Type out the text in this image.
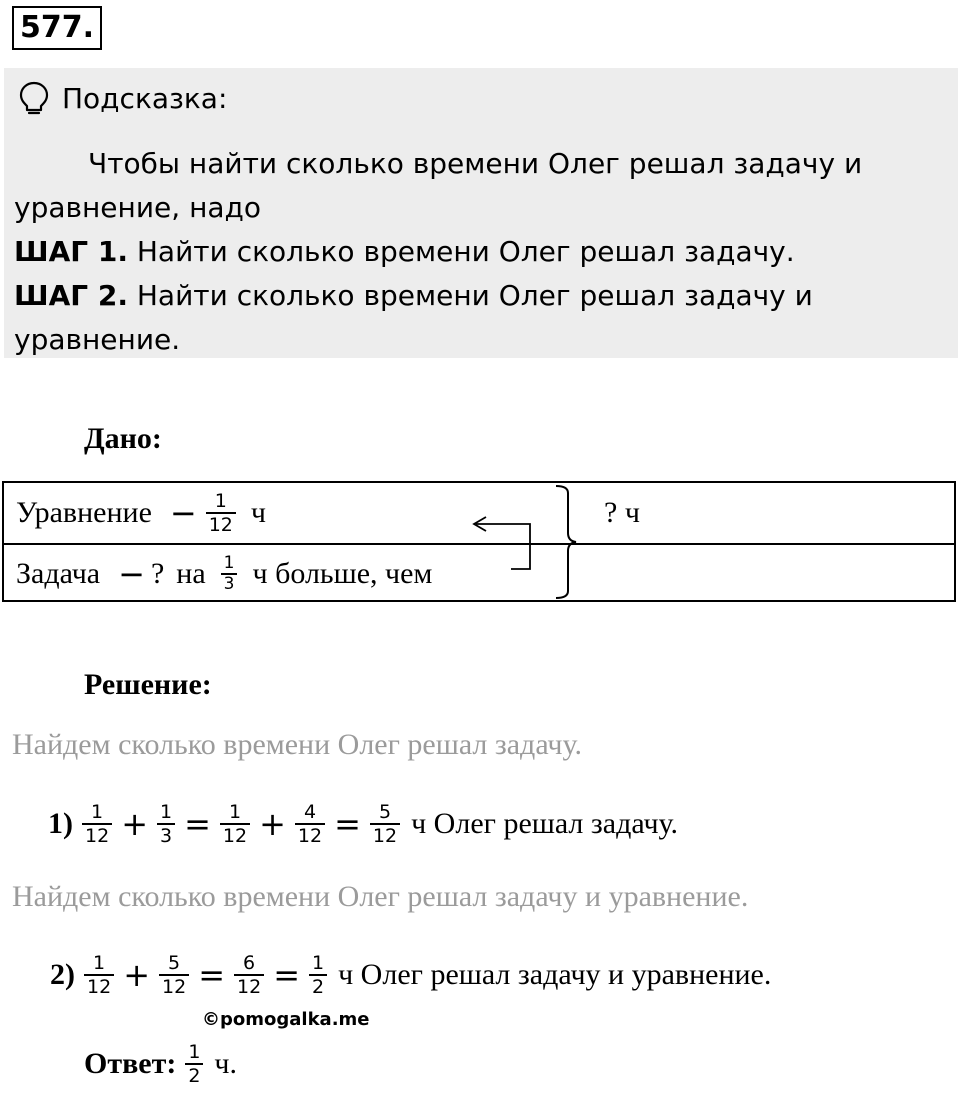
577.
Подсказка:

Чтобы найти сколько времени Олег решал задачу и уравнение, надо

ШАГ 1. Найти сколько времени Олег решал задачу.

ШАГ 2. Найти сколько времени Олег решал задачу и уравнение.

Дано:
Уравнение − $\frac{1}{12}$ ч
Задача − ? на $\frac{1}{3}$ ч больше, чем
? ч
Решение:
Найдем сколько времени Олег решал задачу.
$1) \frac{1}{12} + \frac{1}{3} = \frac{1}{12} + \frac{4}{12} = \frac{5}{12}$ ч Олег решал задачу.
Найдем сколько времени Олег решал задачу и уравнение.
$2) \frac{1}{12} + \frac{5}{12} = \frac{6}{12} = \frac{1}{2}$ ч Олег решал задачу и уравнение.
©pomogalka.me
Ответ: $\frac{1}{2} ч$.
